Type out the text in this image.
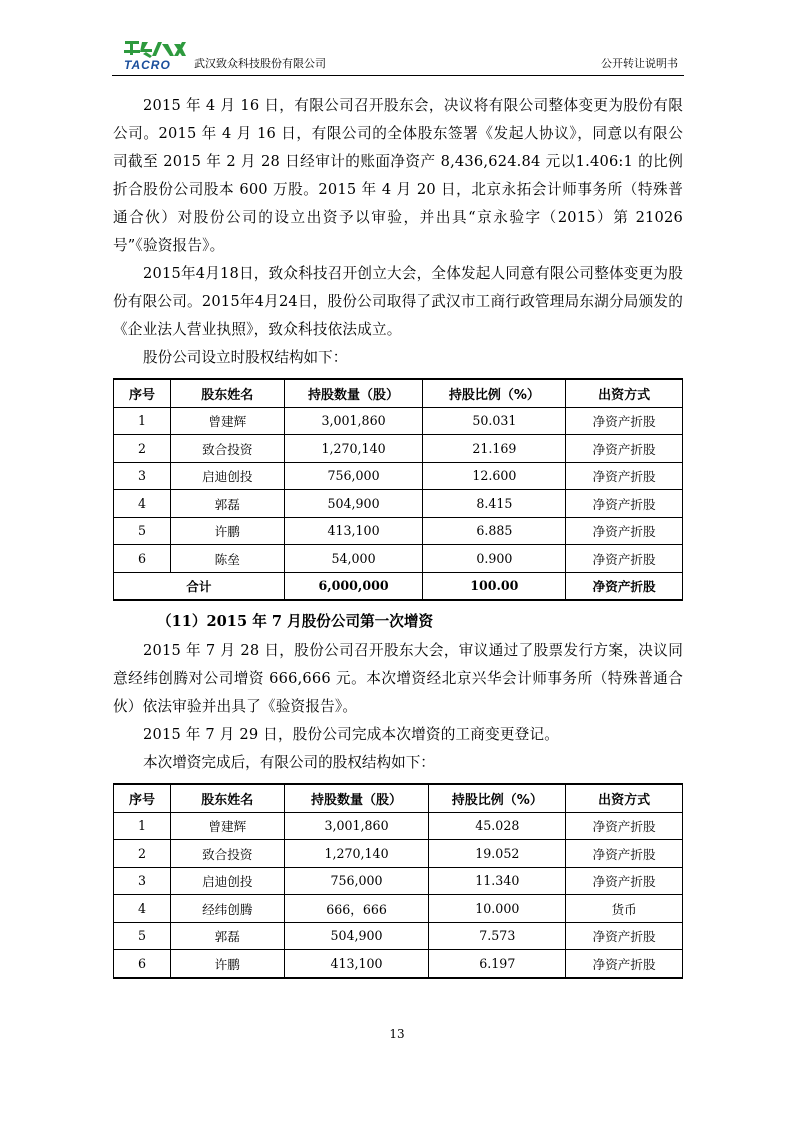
TACRO 武汉致众科技股份有限公司	公开转让说明书

2015 年 4 月 16 日，有限公司召开股东会，决议将有限公司整体变更为股份有限公司。2015 年 4 月 16 日，有限公司的全体股东签署《发起人协议》，同意以有限公司截至 2015 年 2 月 28 日经审计的账面净资产 8,436,624.84 元以1.406:1 的比例折合股份公司股本 600 万股。2015 年 4 月 20 日，北京永拓会计师事务所（特殊普通合伙）对股份公司的设立出资予以审验，并出具“京永验字（2015）第 21026 号”《验资报告》。

2015年4月18日，致众科技召开创立大会，全体发起人同意有限公司整体变更为股份有限公司。2015年4月24日，股份公司取得了武汉市工商行政管理局东湖分局颁发的《企业法人营业执照》，致众科技依法成立。

股份公司设立时股权结构如下：

序号	股东姓名	持股数量（股）	持股比例（%）	出资方式
1	曾建辉	3,001,860	50.031	净资产折股
2	致合投资	1,270,140	21.169	净资产折股
3	启迪创投	756,000	12.600	净资产折股
4	郭磊	504,900	8.415	净资产折股
5	许鹏	413,100	6.885	净资产折股
6	陈垒	54,000	0.900	净资产折股
合计		6,000,000	100.00	净资产折股
（11）2015 年 7 月股份公司第一次增资

2015 年 7 月 28 日，股份公司召开股东大会，审议通过了股票发行方案，决议同意经纬创腾对公司增资 666,666 元。本次增资经北京兴华会计师事务所（特殊普通合伙）依法审验并出具了《验资报告》。

2015 年 7 月 29 日，股份公司完成本次增资的工商变更登记。

本次增资完成后，有限公司的股权结构如下：

序号	股东姓名	持股数量（股）	持股比例（%）	出资方式
1	曾建辉	3,001,860	45.028	净资产折股
2	致合投资	1,270,140	19.052	净资产折股
3	启迪创投	756,000	11.340	净资产折股
4	经纬创腾	666，666	10.000	货币
5	郭磊	504,900	7.573	净资产折股
6	许鹏	413,100	6.197	净资产折股
13
